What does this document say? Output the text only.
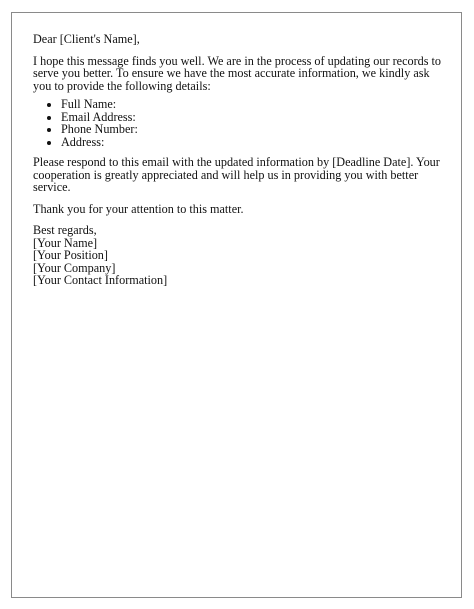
Dear [Client's Name],

I hope this message finds you well. We are in the process of updating our records to serve you better. To ensure we have the most accurate information, we kindly ask you to provide the following details:

• Full Name:
• Email Address:
• Phone Number:
• Address:

Please respond to this email with the updated information by [Deadline Date]. Your cooperation is greatly appreciated and will help us in providing you with better service.

Thank you for your attention to this matter.

Best regards,
[Your Name]
[Your Position]
[Your Company]
[Your Contact Information]
